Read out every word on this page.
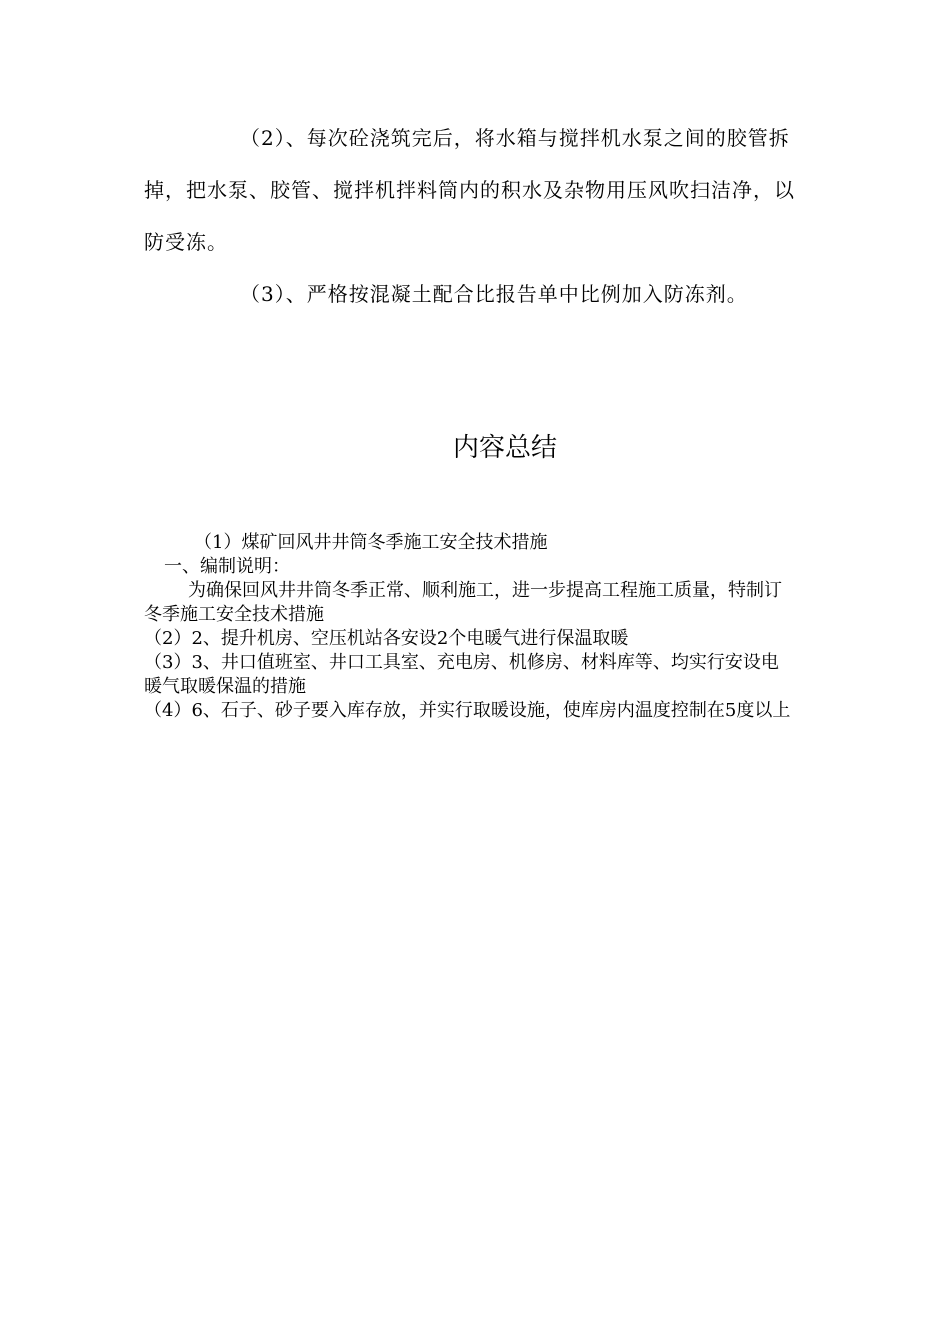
（2）、每次砼浇筑完后，将水箱与搅拌机水泵之间的胶管拆掉，把水泵、胶管、搅拌机拌料筒内的积水及杂物用压风吹扫洁净，以防受冻。

（3）、严格按混凝土配合比报告单中比例加入防冻剂。

内容总结

（1）煤矿回风井井筒冬季施工安全技术措施

一、编制说明：

为确保回风井井筒冬季正常、顺利施工，进一步提高工程施工质量，特制订冬季施工安全技术措施

（2）2、提升机房、空压机站各安设2个电暖气进行保温取暖

（3）3、井口值班室、井口工具室、充电房、机修房、材料库等、均实行安设电暖气取暖保温的措施

（4）6、石子、砂子要入库存放，并实行取暖设施，使库房内温度控制在5度以上
